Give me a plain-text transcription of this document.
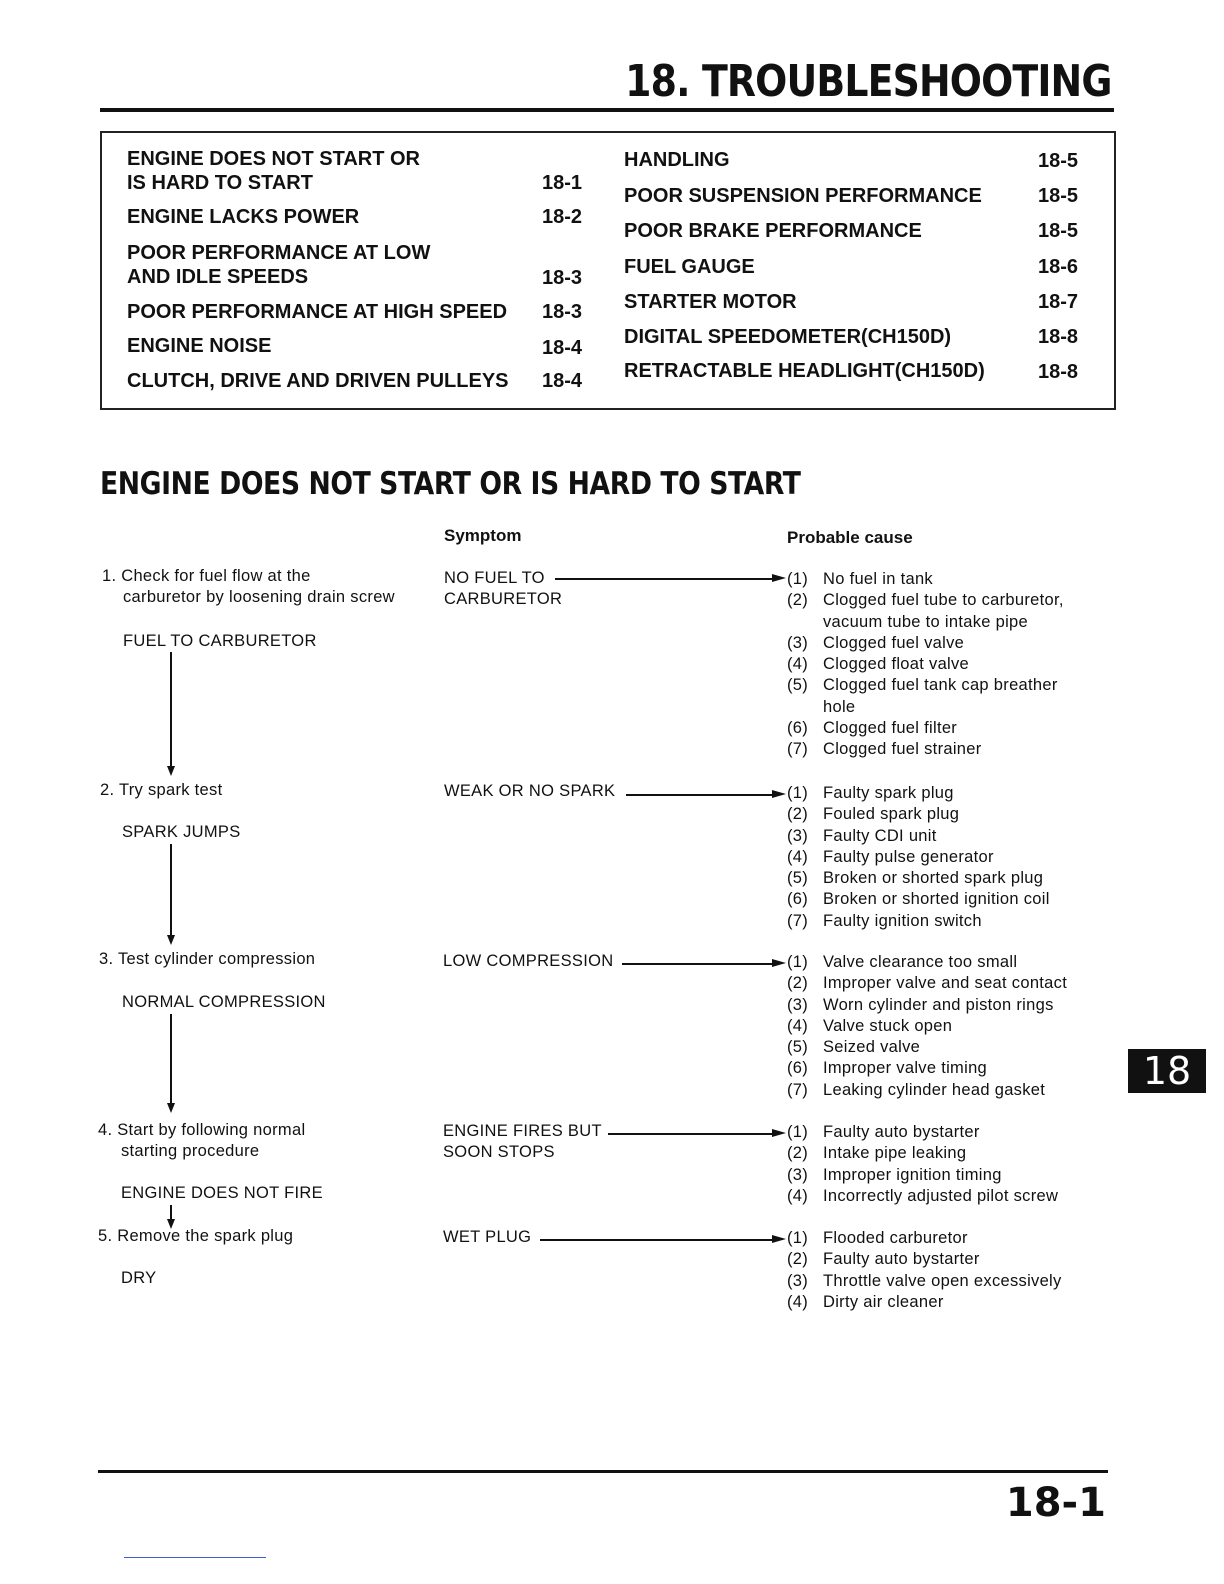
18. TROUBLESHOOTING
ENGINE DOES NOT START OR
IS HARD TO START	18-1
ENGINE LACKS POWER	18-2
POOR PERFORMANCE AT LOW
AND IDLE SPEEDS	18-3
POOR PERFORMANCE AT HIGH SPEED 18-3
ENGINE NOISE	18-4
CLUTCH, DRIVE AND DRIVEN PULLEYS 18-4
HANDLING	18-5
POOR SUSPENSION PERFORMANCE	18-5
POOR BRAKE PERFORMANCE	18-5
FUEL GAUGE	18-6
STARTER MOTOR	18-7
DIGITAL SPEEDOMETER(CH150D)	18-8
RETRACTABLE HEADLIGHT(CH150D)	18-8
ENGINE DOES NOT START OR IS HARD TO START
Symptom	Probable cause
1. Check for fuel flow at the
carburetor by loosening drain screw
FUEL TO CARBURETOR
NO FUEL TO
CARBURETOR
(1) No fuel in tank
(2) Clogged fuel tube to carburetor,
vacuum tube to intake pipe
(3) Clogged fuel valve
(4) Clogged float valve
(5) Clogged fuel tank cap breather
hole
(6) Clogged fuel filter
(7) Clogged fuel strainer
2. Try spark test
SPARK JUMPS
WEAK OR NO SPARK	(1) Faulty spark plug
(2) Fouled spark plug
(3) Faulty CDI unit
(4) Faulty pulse generator
(5) Broken or shorted spark plug
(6) Broken or shorted ignition coil
(7) Faulty ignition switch
3. Test cylinder compression
NORMAL COMPRESSION
LOW COMPRESSION	(1) Valve clearance too small
(2) Improper valve and seat contact
(3) Worn cylinder and piston rings
(4) Valve stuck open
(5) Seized valve
(6) Improper valve timing
(7) Leaking cylinder head gasket
4. Start by following normal
starting procedure
ENGINE DOES NOT FIRE
ENGINE FIRES BUT
SOON STOPS
(1) Faulty auto bystarter
(2) Intake pipe leaking
(3) Improper ignition timing
(4) Incorrectly adjusted pilot screw
5. Remove the spark plug
DRY
WET PLUG	(1) Flooded carburetor
(2) Faulty auto bystarter
(3) Throttle valve open excessively
(4) Dirty air cleaner
18
18-1
